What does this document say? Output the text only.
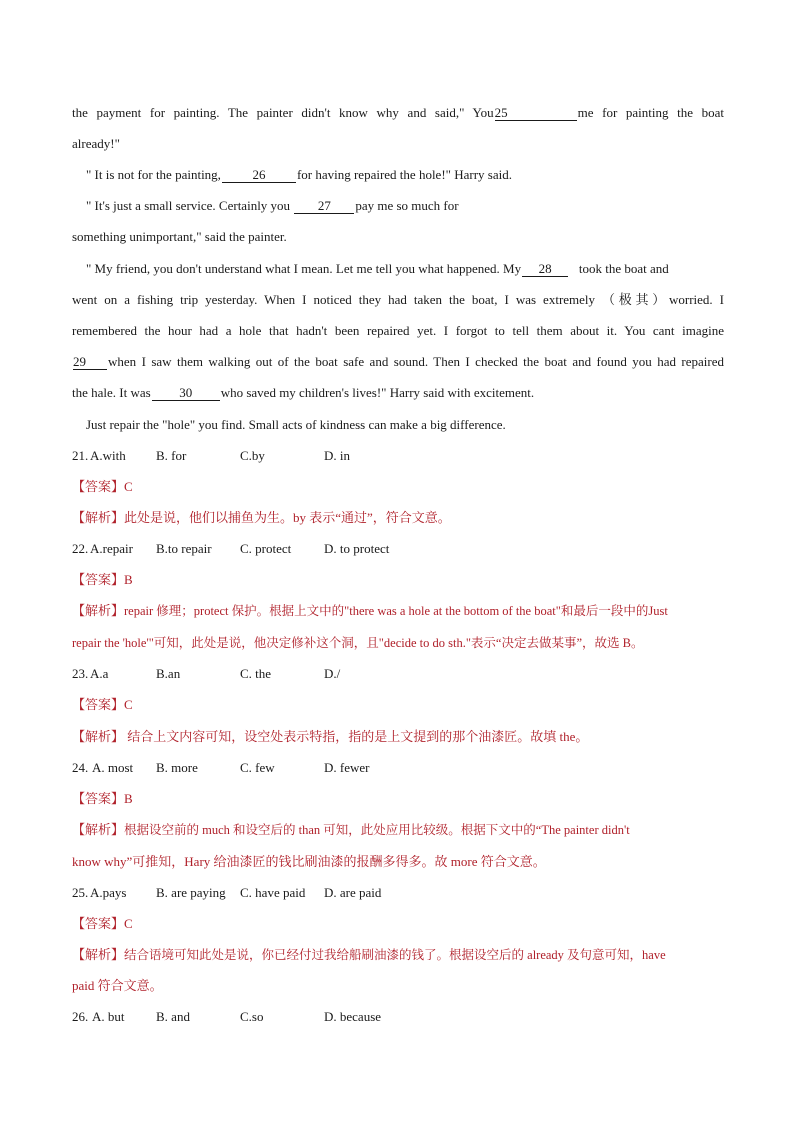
the payment for painting. The painter didn't know why and said," You25	me for painting the boat
already!"
" It is not for the painting, 26 for having repaired the hole!" Harry said.
" It's just a small service. Certainly you 27 pay me so much for
something unimportant," said the painter.
" My friend, you don't understand what I mean. Let me tell you what happened. My 28 took the boat and
went on a fishing trip yesterday. When I noticed they had taken the boat, I was extremely （极其）worried. I
remembered the hour had a hole that hadn't been repaired yet. I forgot to tell them about it. You cant imagine
29 when I saw them walking out of the boat safe and sound. Then I checked the boat and found you had repaired
the hale. It was 30 who saved my children's lives!" Harry said with excitement.
Just repair the "hole" you find. Small acts of kindness can make a big difference.
21. A.with B. for	C.by	D. in
【答案】C
【解析】此处是说，他们以捕鱼为生。by 表示“通过”，符合文意。
22. A.repair B.to repair C. protect	D. to protect
【答案】B
【解析】repair 修理；protect 保护。根据上文中的"there was a hole at the bottom of the boat"和最后一段中的Just
repair the 'hole'"可知，此处是说，他决定修补这个洞，且"decide to do sth."表示“决定去做某事”，故选 B。
23. A.a	B.an	C. the	D./
【答案】C
【解析】 结合上文内容可知，设空处表示特指，指的是上文提到的那个油漆匠。故填 the。
24. A. most B. more	C. few	D. fewer
【答案】B
【解析】根据设空前的 much 和设空后的 than 可知，此处应用比较级。根据下文中的“The painter didn't
know why”可推知，Hary 给油漆匠的钱比刷油漆的报酬多得多。故 more 符合文意。
25. A.pays B. are paying C. have paid D. are paid
【答案】C
【解析】结合语境可知此处是说，你已经付过我给船刷油漆的钱了。根据设空后的 already 及句意可知，have
paid 符合文意。
26. A. but B. and	C.so	D. because
